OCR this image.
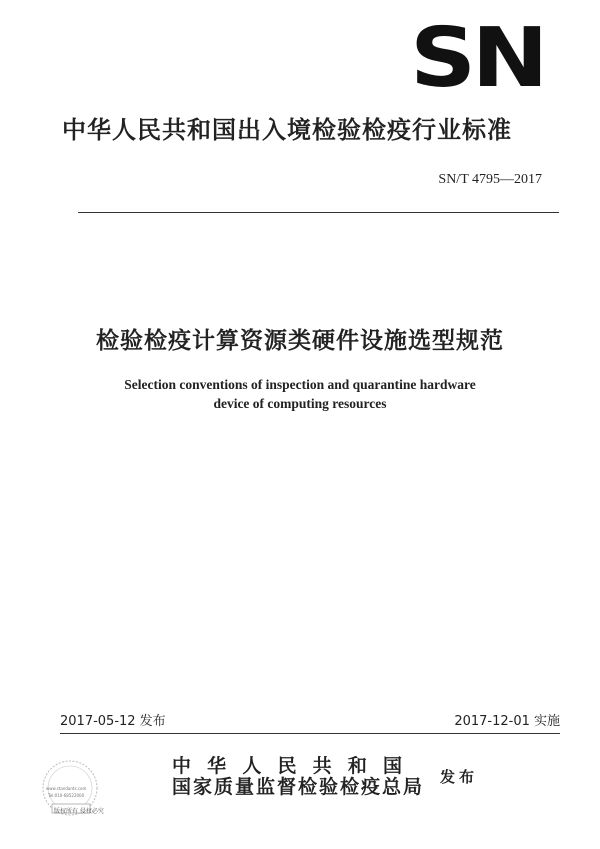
SN
中华人民共和国出入境检验检疫行业标准
SN/T 4795—2017
检验检疫计算资源类硬件设施选型规范
Selection conventions of inspection and quarantine hardware
device of computing resources
2017-05-12 发布	2017-12-01 实施
中华人民共和国
国家质量监督检验检疫总局 发布
www.standards.com
Tel:010-68522000
版权所有 侵权必究
